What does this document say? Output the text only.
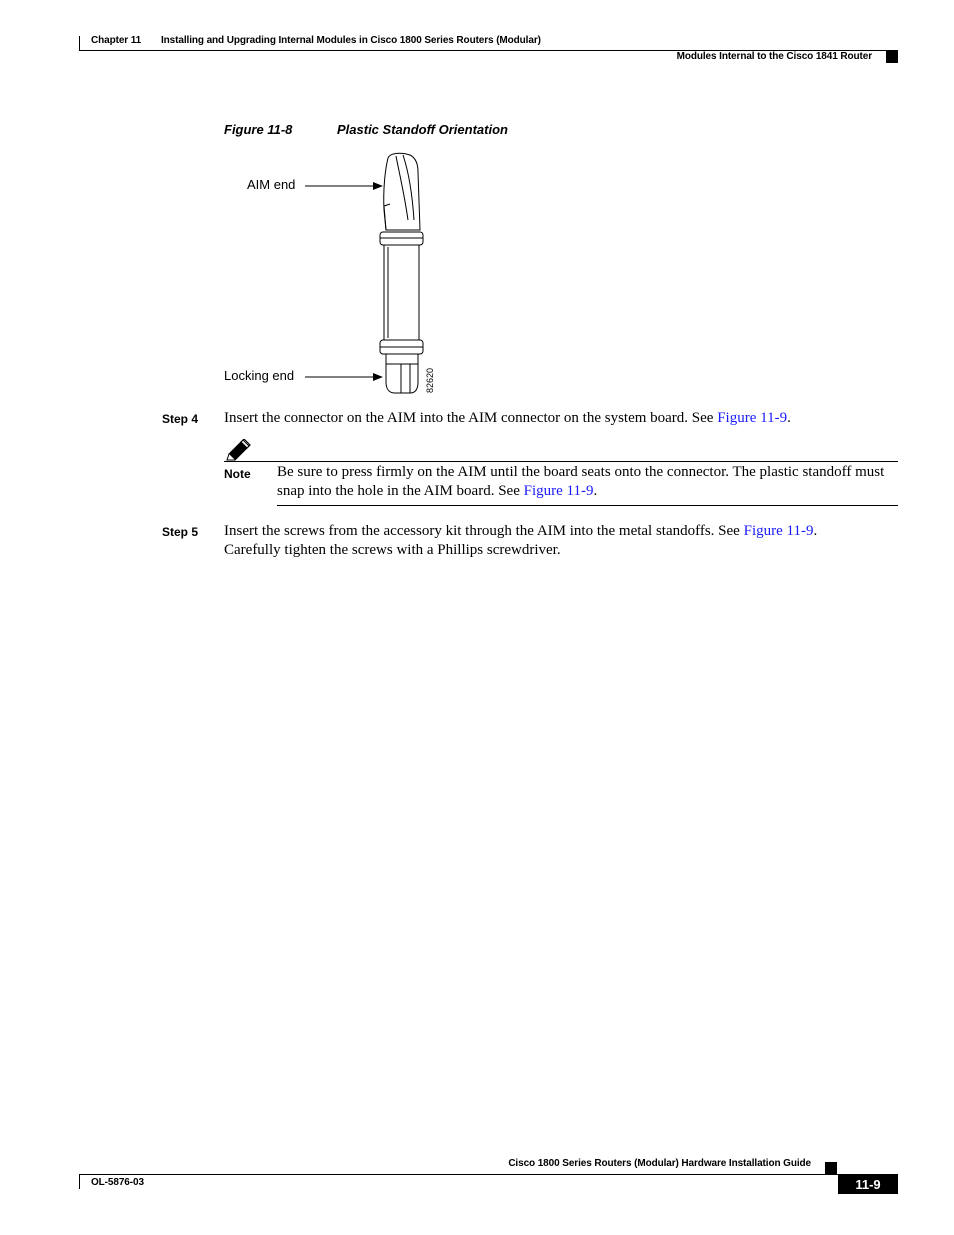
Chapter 11 Installing and Upgrading Internal Modules in Cisco 1800 Series Routers (Modular)
Modules Internal to the Cisco 1841 Router
Figure 11-8	Plastic Standoff Orientation
AIM end
Locking end	82620
Step 4 Insert the connector on the AIM into the AIM connector on the system board. See Figure 11-9.
Note Be sure to press firmly on the AIM until the board seats onto the connector. The plastic standoff must snap into the hole in the AIM board. See Figure 11-9.
Step 5 Insert the screws from the accessory kit through the AIM into the metal standoffs. See Figure 11-9.
Carefully tighten the screws with a Phillips screwdriver.
Cisco 1800 Series Routers (Modular) Hardware Installation Guide
OL-5876-03	11-9
